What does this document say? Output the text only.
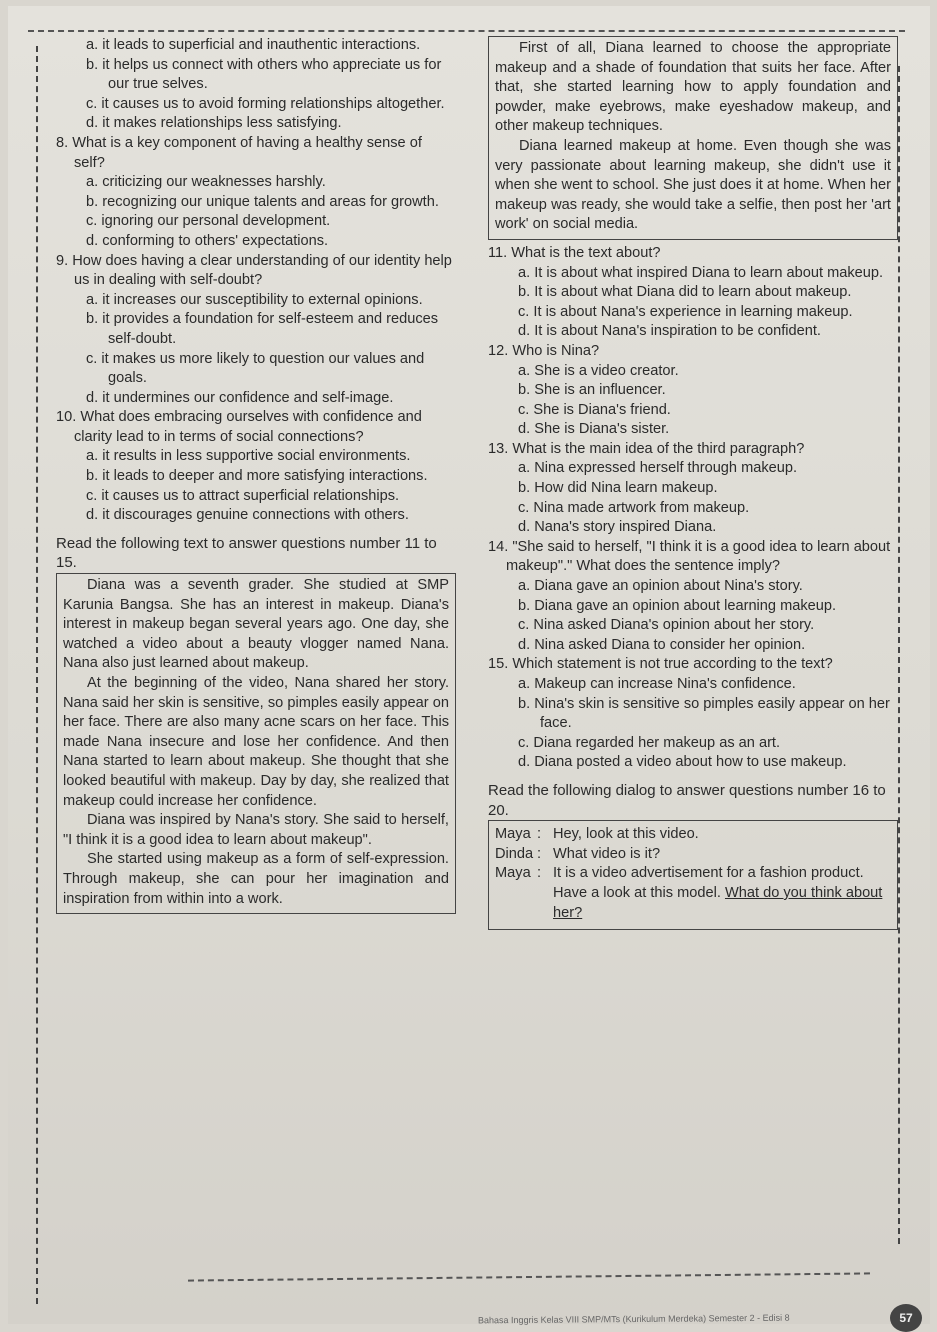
a. it leads to superficial and inauthentic interactions.
b. it helps us connect with others who appreciate us for our true selves.
c. it causes us to avoid forming relationships altogether.
d. it makes relationships less satisfying.
8. What is a key component of having a healthy sense of self?
a. criticizing our weaknesses harshly.
b. recognizing our unique talents and areas for growth.
c. ignoring our personal development.
d. conforming to others' expectations.
9. How does having a clear understanding of our identity help us in dealing with self-doubt?
a. it increases our susceptibility to external opinions.
b. it provides a foundation for self-esteem and reduces self-doubt.
c. it makes us more likely to question our values and goals.
d. it undermines our confidence and self-image.
10. What does embracing ourselves with confidence and clarity lead to in terms of social connections?
a. it results in less supportive social environments.
b. it leads to deeper and more satisfying interactions.
c. it causes us to attract superficial relationships.
d. it discourages genuine connections with others.

Read the following text to answer questions number 11 to 15.

Diana was a seventh grader. She studied at SMP Karunia Bangsa. She has an interest in makeup. Diana's interest in makeup began several years ago. One day, she watched a video about a beauty vlogger named Nana. Nana also just learned about makeup.

At the beginning of the video, Nana shared her story. Nana said her skin is sensitive, so pimples easily appear on her face. There are also many acne scars on her face. This made Nana insecure and lose her confidence. And then Nana started to learn about makeup. She thought that she looked beautiful with makeup. Day by day, she realized that makeup could increase her confidence.

Diana was inspired by Nana's story. She said to herself, "I think it is a good idea to learn about makeup".

She started using makeup as a form of self-expression. Through makeup, she can pour her imagination and inspiration from within into a work.

First of all, Diana learned to choose the appropriate makeup and a shade of foundation that suits her face. After that, she started learning how to apply foundation and powder, make eyebrows, make eyeshadow makeup, and other makeup techniques.

Diana learned makeup at home. Even though she was very passionate about learning makeup, she didn't use it when she went to school. She just does it at home. When her makeup was ready, she would take a selfie, then post her 'art work' on social media.

11. What is the text about?
a. It is about what inspired Diana to learn about makeup.
b. It is about what Diana did to learn about makeup.
c. It is about Nana's experience in learning makeup.
d. It is about Nana's inspiration to be confident.
12. Who is Nina?
a. She is a video creator.
b. She is an influencer.
c. She is Diana's friend.
d. She is Diana's sister.
13. What is the main idea of the third paragraph?
a. Nina expressed herself through makeup.
b. How did Nina learn makeup.
c. Nina made artwork from makeup.
d. Nana's story inspired Diana.
14. "She said to herself, "I think it is a good idea to learn about makeup"." What does the sentence imply?
a. Diana gave an opinion about Nina's story.
b. Diana gave an opinion about learning makeup.
c. Nina asked Diana's opinion about her story.
d. Nina asked Diana to consider her opinion.
15. Which statement is not true according to the text?
a. Makeup can increase Nina's confidence.
b. Nina's skin is sensitive so pimples easily appear on her face.
c. Diana regarded her makeup as an art.
d. Diana posted a video about how to use makeup.

Read the following dialog to answer questions number 16 to 20.

Maya : Hey, look at this video.
Dinda : What video is it?
Maya : It is a video advertisement for a fashion product. Have a look at this model. What do you think about her?
Bahasa Inggris Kelas VIII SMP/MTs (Kurikulum Merdeka) Semester 2 - Edisi 8	57
